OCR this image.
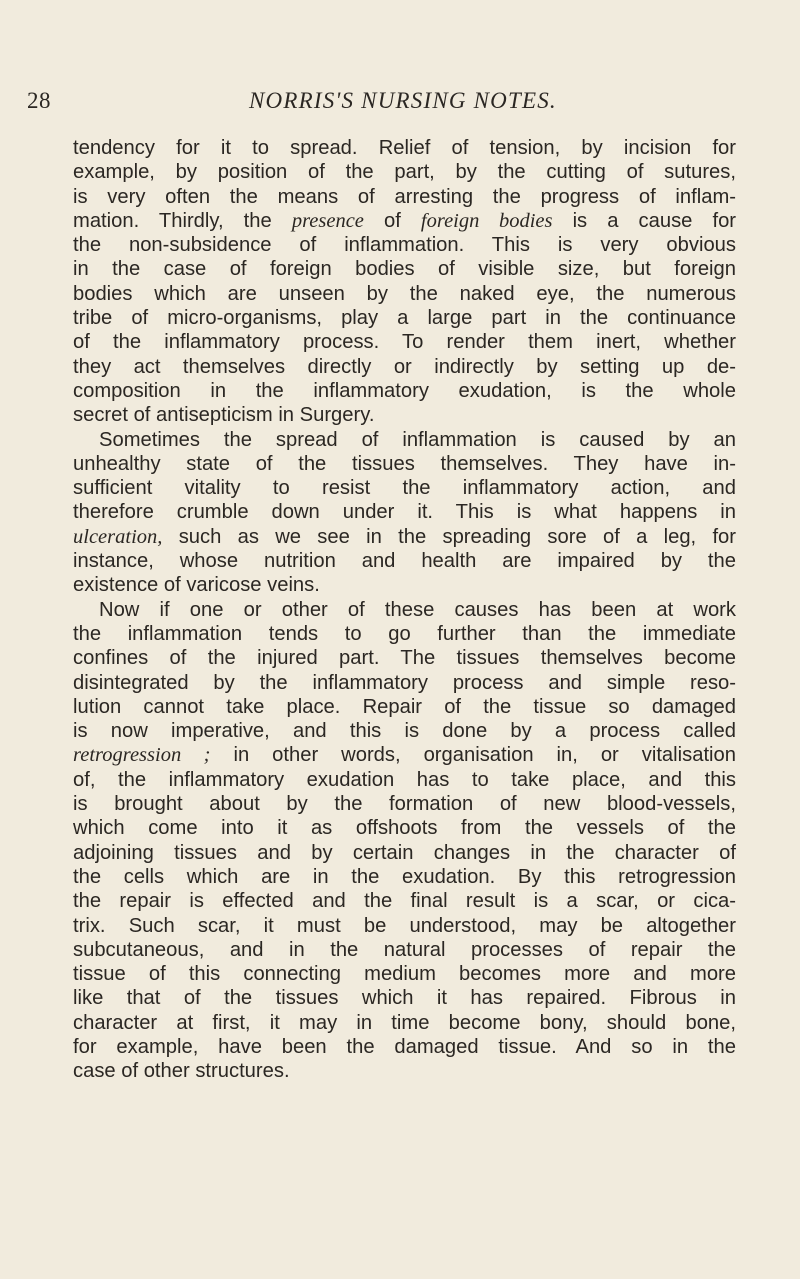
28	NORRIS'S NURSING NOTES.
tendency for it to spread. Relief of tension, by incision for
example, by position of the part, by the cutting of sutures,
is very often the means of arresting the progress of inflam-
mation. Thirdly, the presence of foreign bodies is a cause for
the non-subsidence of inflammation. This is very obvious
in the case of foreign bodies of visible size, but foreign
bodies which are unseen by the naked eye, the numerous
tribe of micro-organisms, play a large part in the continuance
of the inflammatory process. To render them inert, whether
they act themselves directly or indirectly by setting up de-
composition in the inflammatory exudation, is the whole
secret of antisepticism in Surgery.
Sometimes the spread of inflammation is caused by an
unhealthy state of the tissues themselves. They have in-
sufficient vitality to resist the inflammatory action, and
therefore crumble down under it. This is what happens in
ulceration, such as we see in the spreading sore of a leg, for
instance, whose nutrition and health are impaired by the
existence of varicose veins.
Now if one or other of these causes has been at work
the inflammation tends to go further than the immediate
confines of the injured part. The tissues themselves become
disintegrated by the inflammatory process and simple reso-
lution cannot take place. Repair of the tissue so damaged
is now imperative, and this is done by a process called
retrogression ; in other words, organisation in, or vitalisation
of, the inflammatory exudation has to take place, and this
is brought about by the formation of new blood-vessels,
which come into it as offshoots from the vessels of the
adjoining tissues and by certain changes in the character of
the cells which are in the exudation. By this retrogression
the repair is effected and the final result is a scar, or cica-
trix. Such scar, it must be understood, may be altogether
subcutaneous, and in the natural processes of repair the
tissue of this connecting medium becomes more and more
like that of the tissues which it has repaired. Fibrous in
character at first, it may in time become bony, should bone,
for example, have been the damaged tissue. And so in the
case of other structures.
